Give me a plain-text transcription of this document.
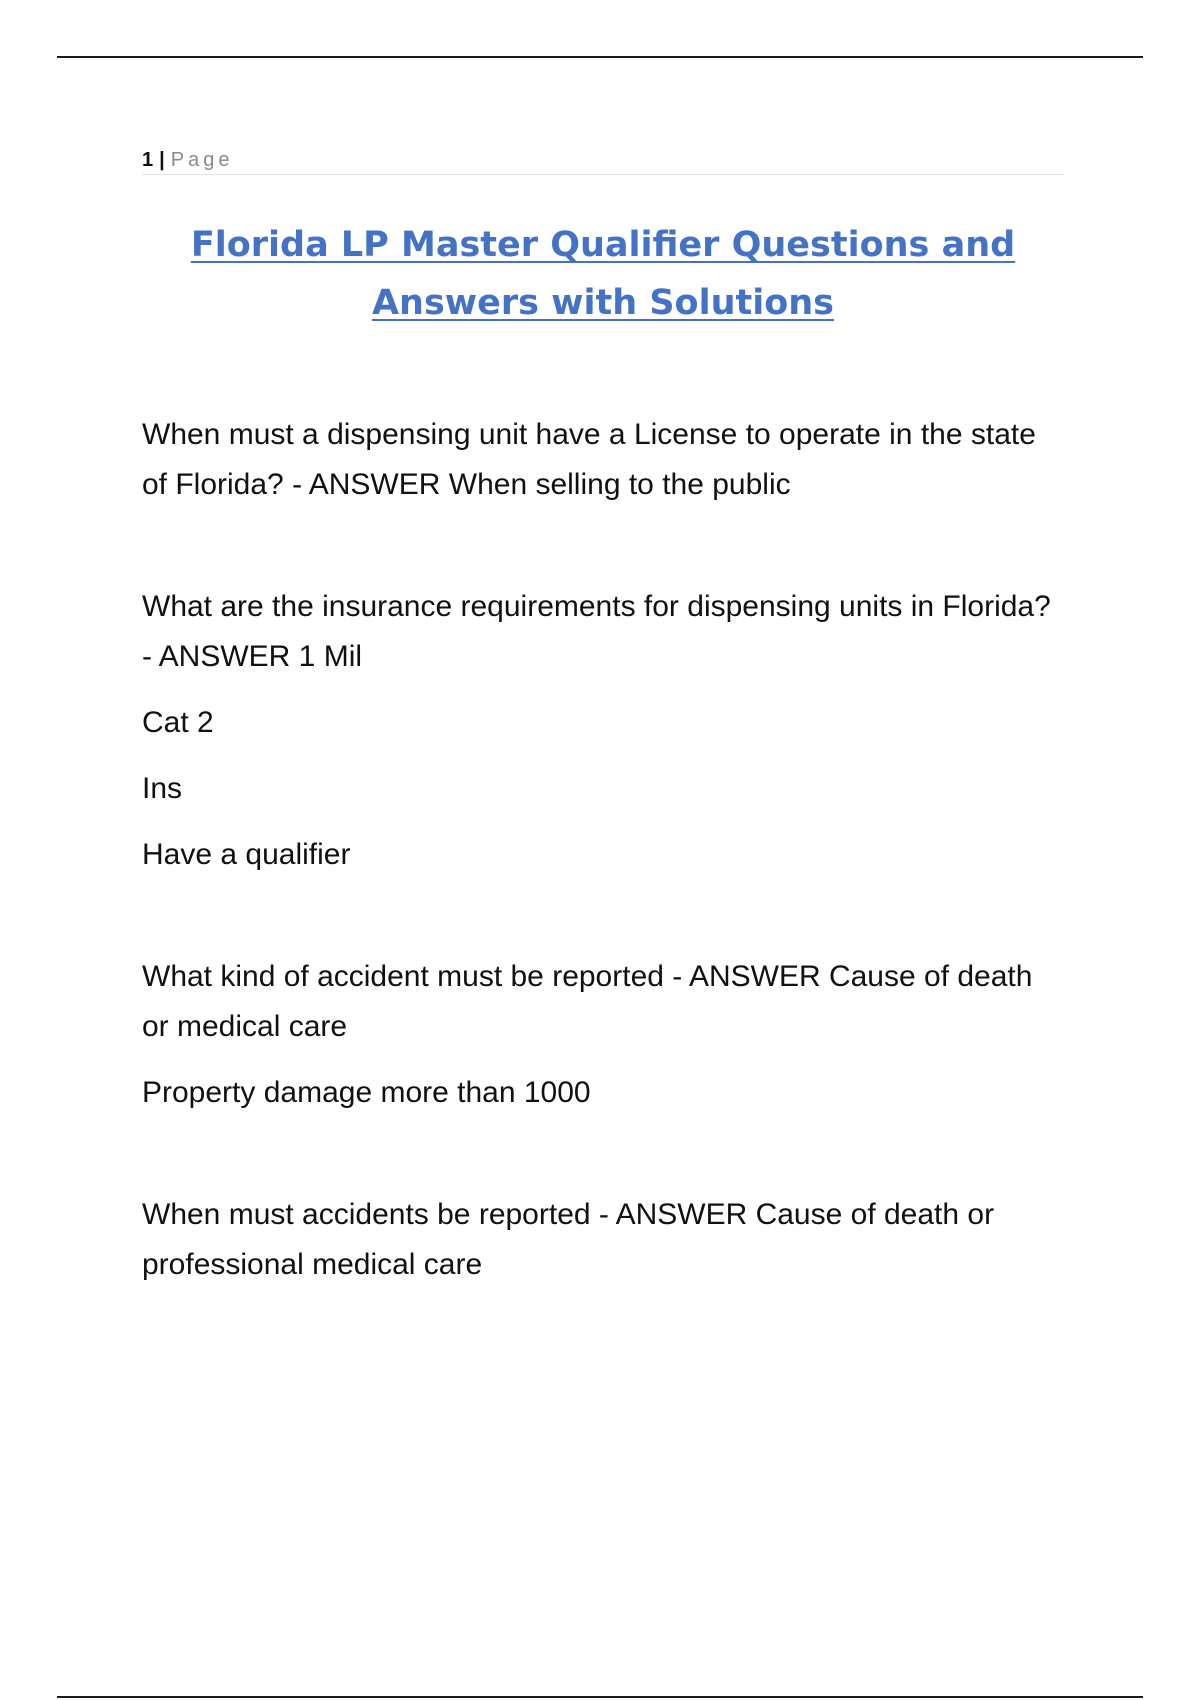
1 | Page
Florida LP Master Qualifier Questions and Answers with Solutions

When must a dispensing unit have a License to operate in the state of Florida? - ANSWER When selling to the public

What are the insurance requirements for dispensing units in Florida? - ANSWER 1 Mil

Cat 2

Ins

Have a qualifier

What kind of accident must be reported - ANSWER Cause of death or medical care

Property damage more than 1000

When must accidents be reported - ANSWER Cause of death or professional medical care
